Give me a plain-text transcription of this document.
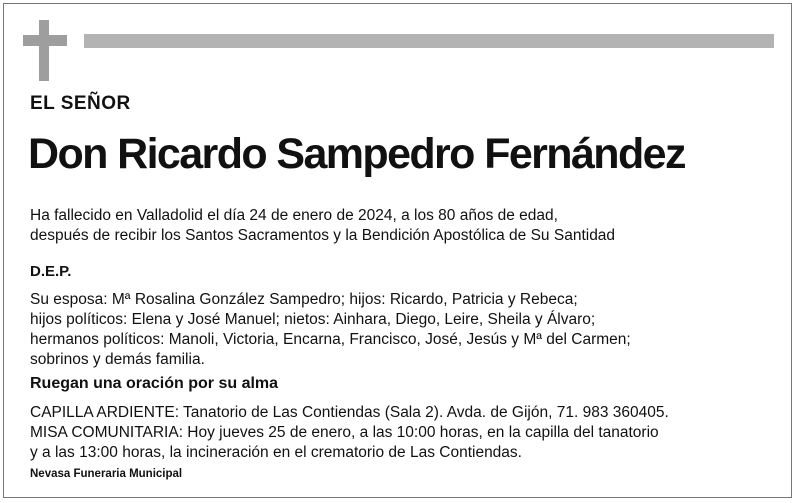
EL SEÑOR
Don Ricardo Sampedro Fernández
Ha fallecido en Valladolid el día 24 de enero de 2024, a los 80 años de edad,
después de recibir los Santos Sacramentos y la Bendición Apostólica de Su Santidad
D.E.P.
Su esposa: Mª Rosalina González Sampedro; hijos: Ricardo, Patricia y Rebeca;
hijos políticos: Elena y José Manuel; nietos: Ainhara, Diego, Leire, Sheila y Álvaro;
hermanos políticos: Manoli, Victoria, Encarna, Francisco, José, Jesús y Mª del Carmen;
sobrinos y demás familia.
Ruegan una oración por su alma
CAPILLA ARDIENTE: Tanatorio de Las Contiendas (Sala 2). Avda. de Gijón, 71. 983 360405.
MISA COMUNITARIA: Hoy jueves 25 de enero, a las 10:00 horas, en la capilla del tanatorio
y a las 13:00 horas, la incineración en el crematorio de Las Contiendas.
Nevasa Funeraria Municipal
